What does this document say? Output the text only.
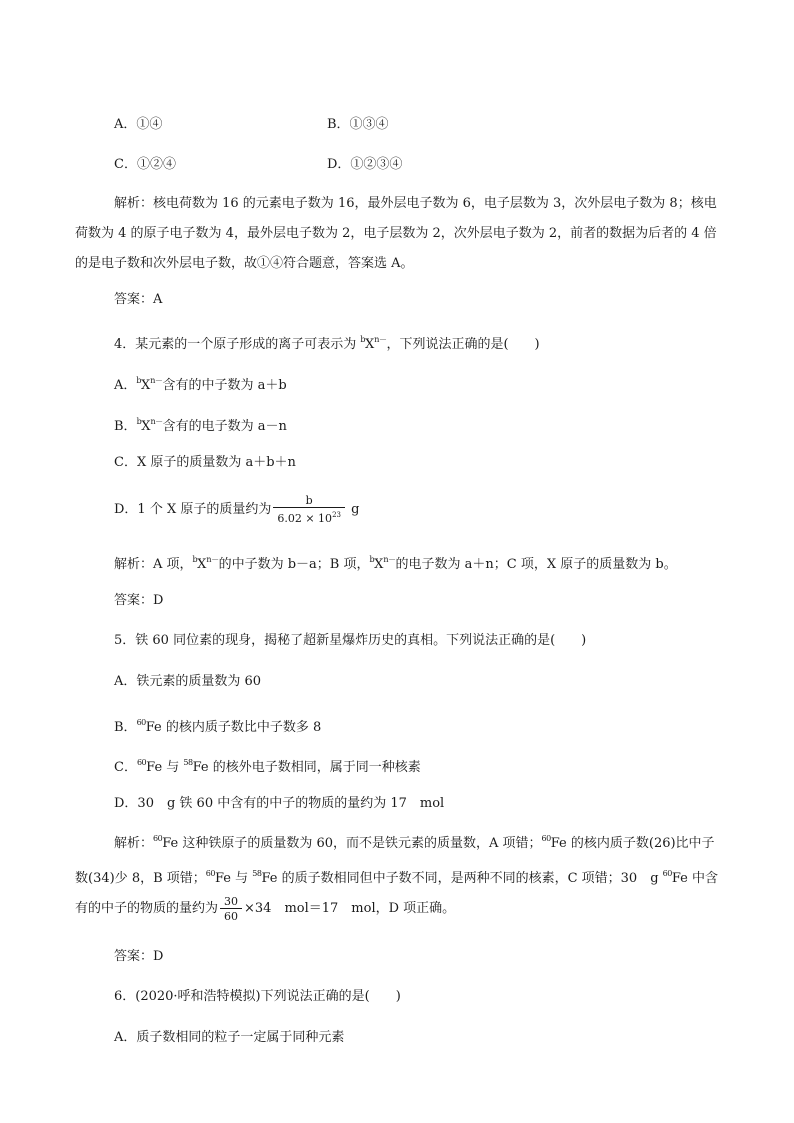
A．①④	B．①③④
C．①②④	D．①②③④
解析：核电荷数为 16 的元素电子数为 16，最外层电子数为 6，电子层数为 3，次外层电子数为 8；核电荷数为 4 的原子电子数为 4，最外层电子数为 2，电子层数为 2，次外层电子数为 2，前者的数据为后者的 4 倍的是电子数和次外层电子数，故①④符合题意，答案选 A。
答案：A
4．某元素的一个原子形成的离子可表示为 $^bX^{n-}$，下列说法正确的是(　　)
A．$^bX^{n-}$含有的中子数为 a＋b
B．$^bX^{n-}$含有的电子数为 a－n
C．X 原子的质量数为 a＋b＋n
D．1 个 X 原子的质量约为 $\frac{b}{6.02 \times 10^{23}}$ g
解析：A 项，$^bX^{n-}$的中子数为 b－a；B 项，$^bX^{n-}$的电子数为 a＋n；C 项，X 原子的质量数为 b。
答案：D
5．铁 60 同位素的现身，揭秘了超新星爆炸历史的真相。下列说法正确的是(　　)
A．铁元素的质量数为 60
B．$^{60}$Fe 的核内质子数比中子数多 8
C．$^{60}$Fe 与 $^{58}$Fe 的核外电子数相同，属于同一种核素
D．30　g 铁 60 中含有的中子的物质的量约为 17　mol
解析：$^{60}$Fe 这种铁原子的质量数为 60，而不是铁元素的质量数，A 项错；$^{60}$Fe 的核内质子数(26)比中子数(34)少 8，B 项错；$^{60}$Fe 与 $^{58}$Fe 的质子数相同但中子数不同，是两种不同的核素，C 项错；30　g $^{60}$Fe 中含有的中子的物质的量约为 $\frac{30}{60} \times 34$　mol＝17　mol，D 项正确。
答案：D
6．(2020·呼和浩特模拟)下列说法正确的是(　　)
A．质子数相同的粒子一定属于同种元素
